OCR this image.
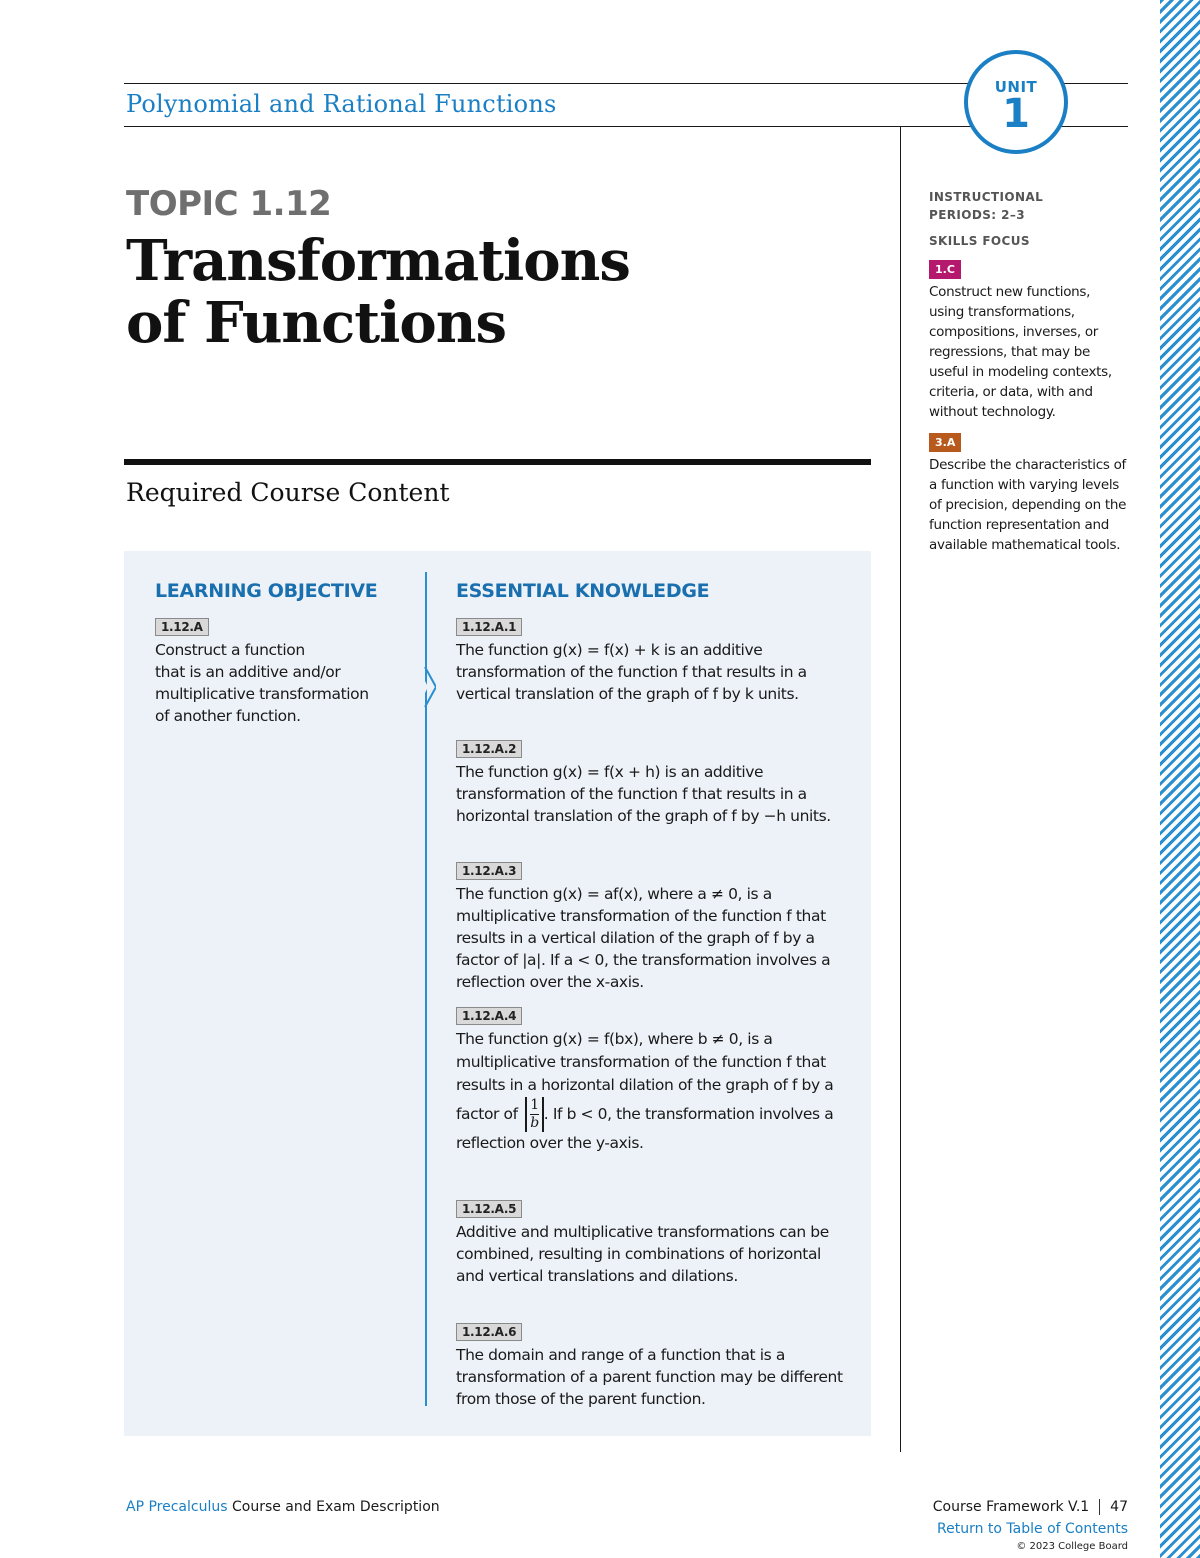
Polynomial and Rational Functions
UNIT
1
TOPIC 1.12
Transformations
of Functions
Required Course Content
LEARNING OBJECTIVE
1.12.A
Construct a function
that is an additive and/or
multiplicative transformation
of another function.
ESSENTIAL KNOWLEDGE
1.12.A.1
The function g(x) = f(x) + k is an additive transformation of the function f that results in a vertical translation of the graph of f by k units.
1.12.A.2
The function g(x) = f(x + h) is an additive transformation of the function f that results in a horizontal translation of the graph of f by −h units.
1.12.A.3
The function g(x) = af(x), where a ≠ 0, is a multiplicative transformation of the function f that results in a vertical dilation of the graph of f by a factor of |a|. If a < 0, the transformation involves a reflection over the x-axis.
1.12.A.4
The function g(x) = f(bx), where b ≠ 0, is a multiplicative transformation of the function f that results in a horizontal dilation of the graph of f by a factor of $\frac{1}{b}$ . If b < 0, the transformation involves a reflection over the y-axis.
1.12.A.5
Additive and multiplicative transformations can be combined, resulting in combinations of horizontal and vertical translations and dilations.
1.12.A.6
The domain and range of a function that is a transformation of a parent function may be different from those of the parent function.
INSTRUCTIONAL
PERIODS: 2–3
SKILLS FOCUS
1.C
Construct new functions, using transformations, compositions, inverses, or regressions, that may be useful in modeling contexts, criteria, or data, with and without technology.
3.A
Describe the characteristics of a function with varying levels of precision, depending on the function representation and available mathematical tools.
AP Precalculus Course and Exam Description	Course Framework V.1 47
Return to Table of Contents
© 2023 College Board
